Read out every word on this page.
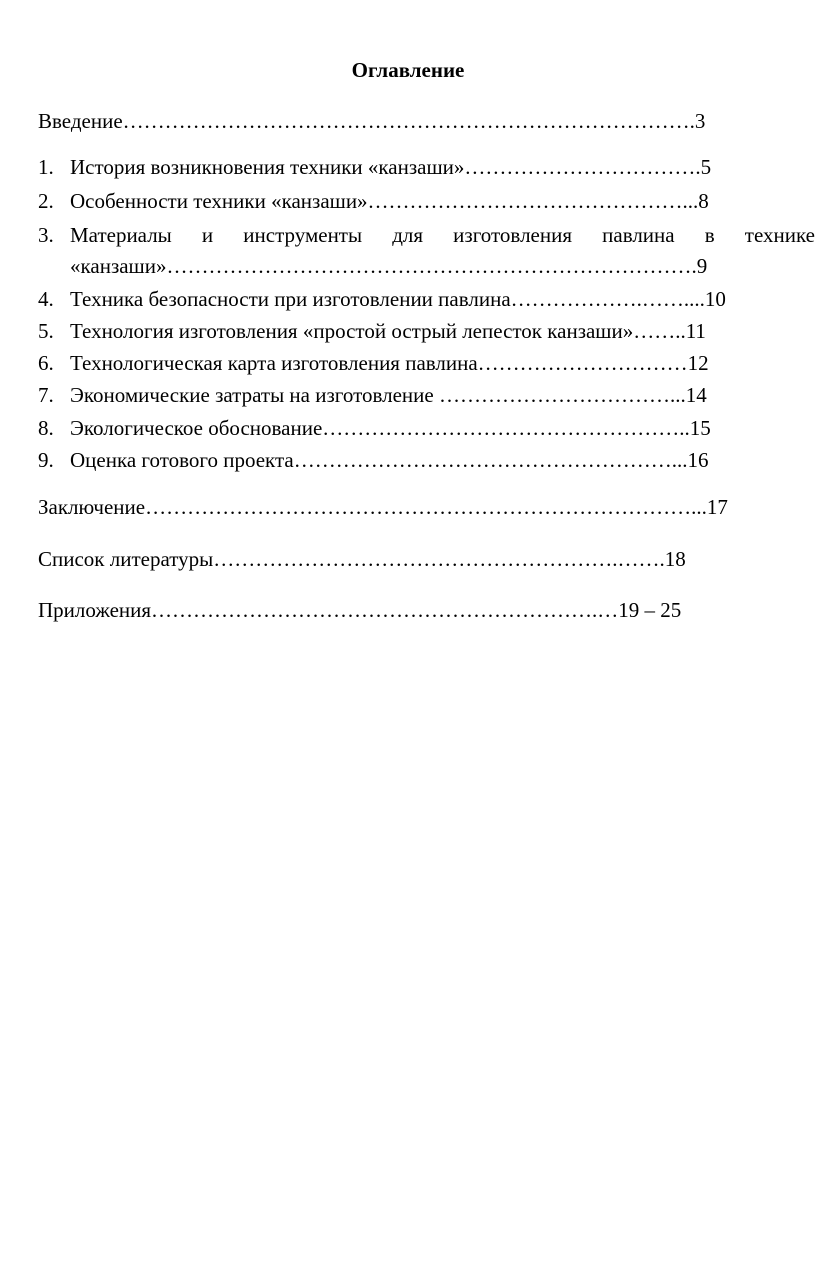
Оглавление
Введение……………………………………………………………………….3
1. История возникновения техники «канзаши»…………………………….5
2. Особенности техники «канзаши»………………………………………...8
3. Материалы и инструменты для изготовления павлина в технике
«канзаши»………………………………………………………………….9
4. Техника безопасности при изготовлении павлина……………….……....10
5. Технология изготовления «простой острый лепесток канзаши»……..11
6. Технологическая карта изготовления павлина…………………………12
7. Экономические затраты на изготовление ……………………………...14
8. Экологическое обоснование……………………………………………..15
9. Оценка готового проекта………………………………………………...16
Заключение……………………………………………………………………...17
Список литературы………………………………………………….…….18
Приложения……………………………………………………….…19 – 25
